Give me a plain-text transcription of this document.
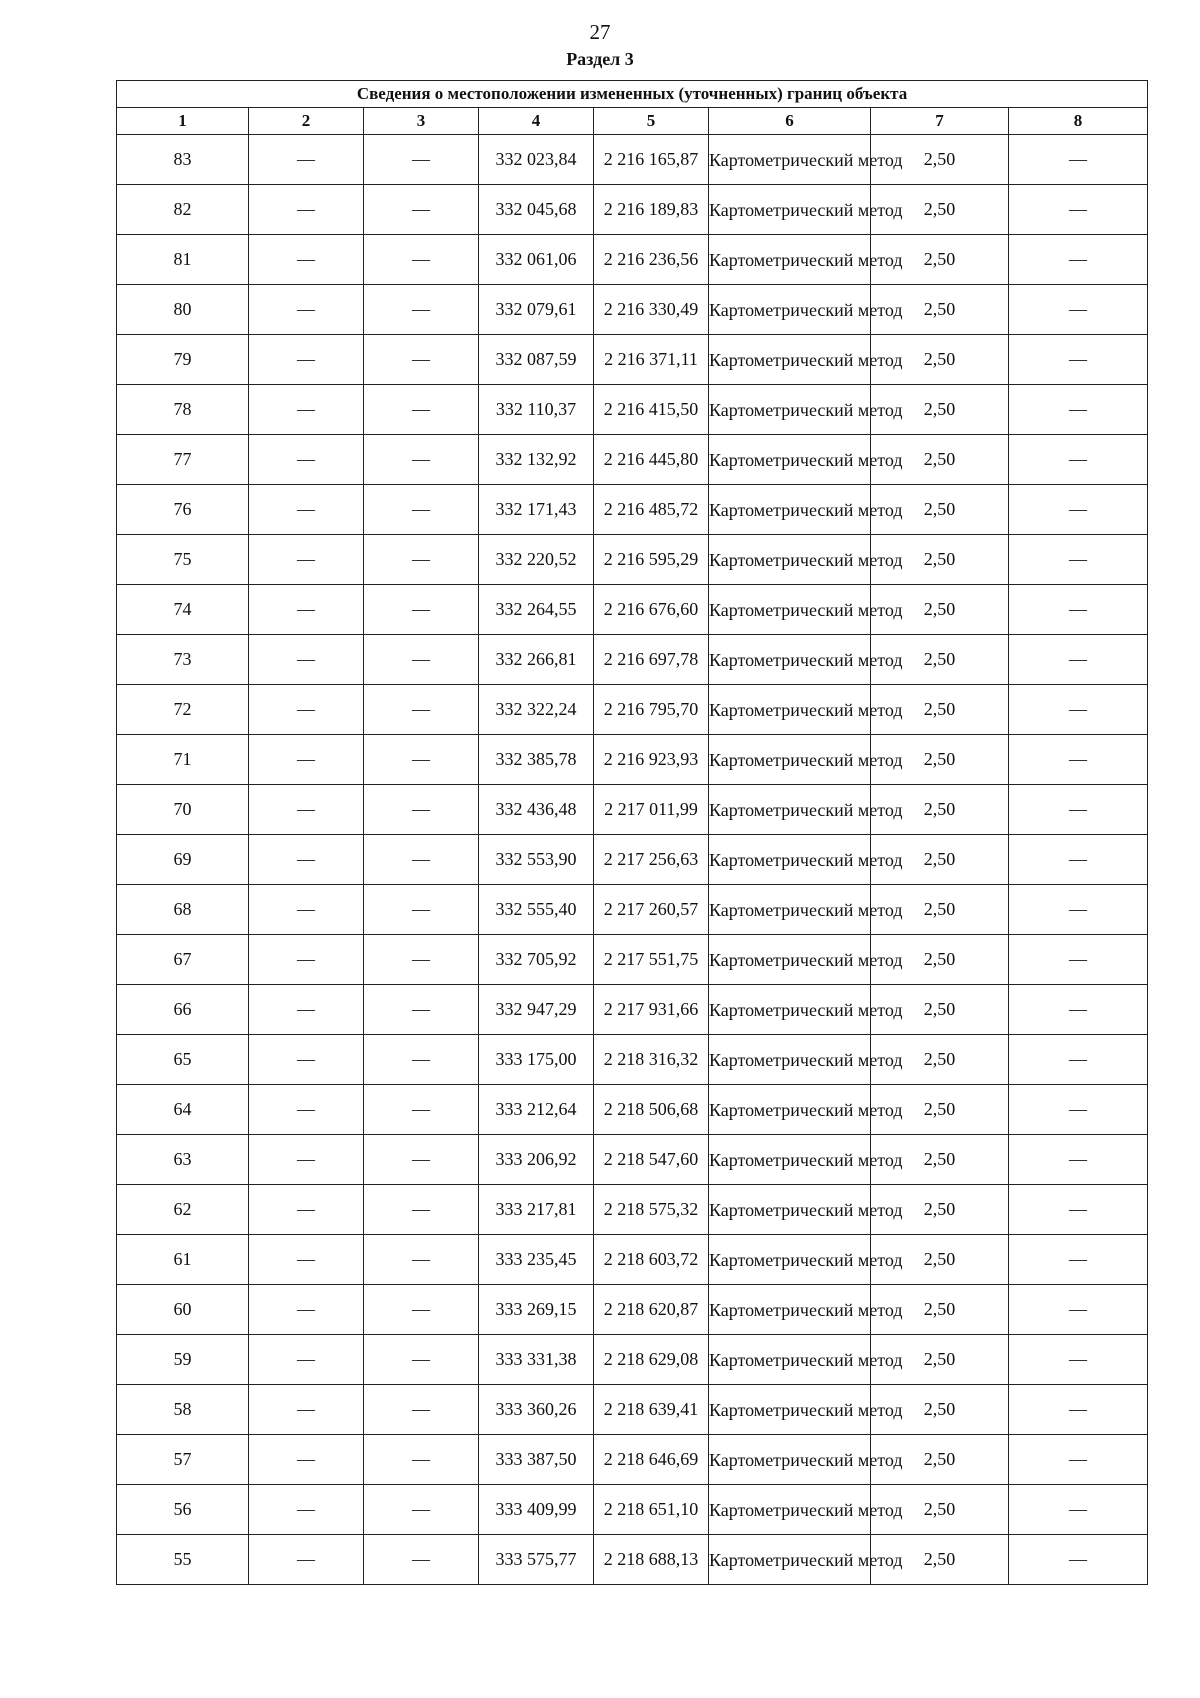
27
Раздел 3
Сведения о местоположении измененных (уточненных) границ объекта							
1	2	3	4	5	6	7	8
83	—	—	332 023,84	2 216 165,87	Картометрический метод	2,50	—
82	—	—	332 045,68	2 216 189,83	Картометрический метод	2,50	—
81	—	—	332 061,06	2 216 236,56	Картометрический метод	2,50	—
80	—	—	332 079,61	2 216 330,49	Картометрический метод	2,50	—
79	—	—	332 087,59	2 216 371,11	Картометрический метод	2,50	—
78	—	—	332 110,37	2 216 415,50	Картометрический метод	2,50	—
77	—	—	332 132,92	2 216 445,80	Картометрический метод	2,50	—
76	—	—	332 171,43	2 216 485,72	Картометрический метод	2,50	—
75	—	—	332 220,52	2 216 595,29	Картометрический метод	2,50	—
74	—	—	332 264,55	2 216 676,60	Картометрический метод	2,50	—
73	—	—	332 266,81	2 216 697,78	Картометрический метод	2,50	—
72	—	—	332 322,24	2 216 795,70	Картометрический метод	2,50	—
71	—	—	332 385,78	2 216 923,93	Картометрический метод	2,50	—
70	—	—	332 436,48	2 217 011,99	Картометрический метод	2,50	—
69	—	—	332 553,90	2 217 256,63	Картометрический метод	2,50	—
68	—	—	332 555,40	2 217 260,57	Картометрический метод	2,50	—
67	—	—	332 705,92	2 217 551,75	Картометрический метод	2,50	—
66	—	—	332 947,29	2 217 931,66	Картометрический метод	2,50	—
65	—	—	333 175,00	2 218 316,32	Картометрический метод	2,50	—
64	—	—	333 212,64	2 218 506,68	Картометрический метод	2,50	—
63	—	—	333 206,92	2 218 547,60	Картометрический метод	2,50	—
62	—	—	333 217,81	2 218 575,32	Картометрический метод	2,50	—
61	—	—	333 235,45	2 218 603,72	Картометрический метод	2,50	—
60	—	—	333 269,15	2 218 620,87	Картометрический метод	2,50	—
59	—	—	333 331,38	2 218 629,08	Картометрический метод	2,50	—
58	—	—	333 360,26	2 218 639,41	Картометрический метод	2,50	—
57	—	—	333 387,50	2 218 646,69	Картометрический метод	2,50	—
56	—	—	333 409,99	2 218 651,10	Картометрический метод	2,50	—
55	—	—	333 575,77	2 218 688,13	Картометрический метод	2,50	—
